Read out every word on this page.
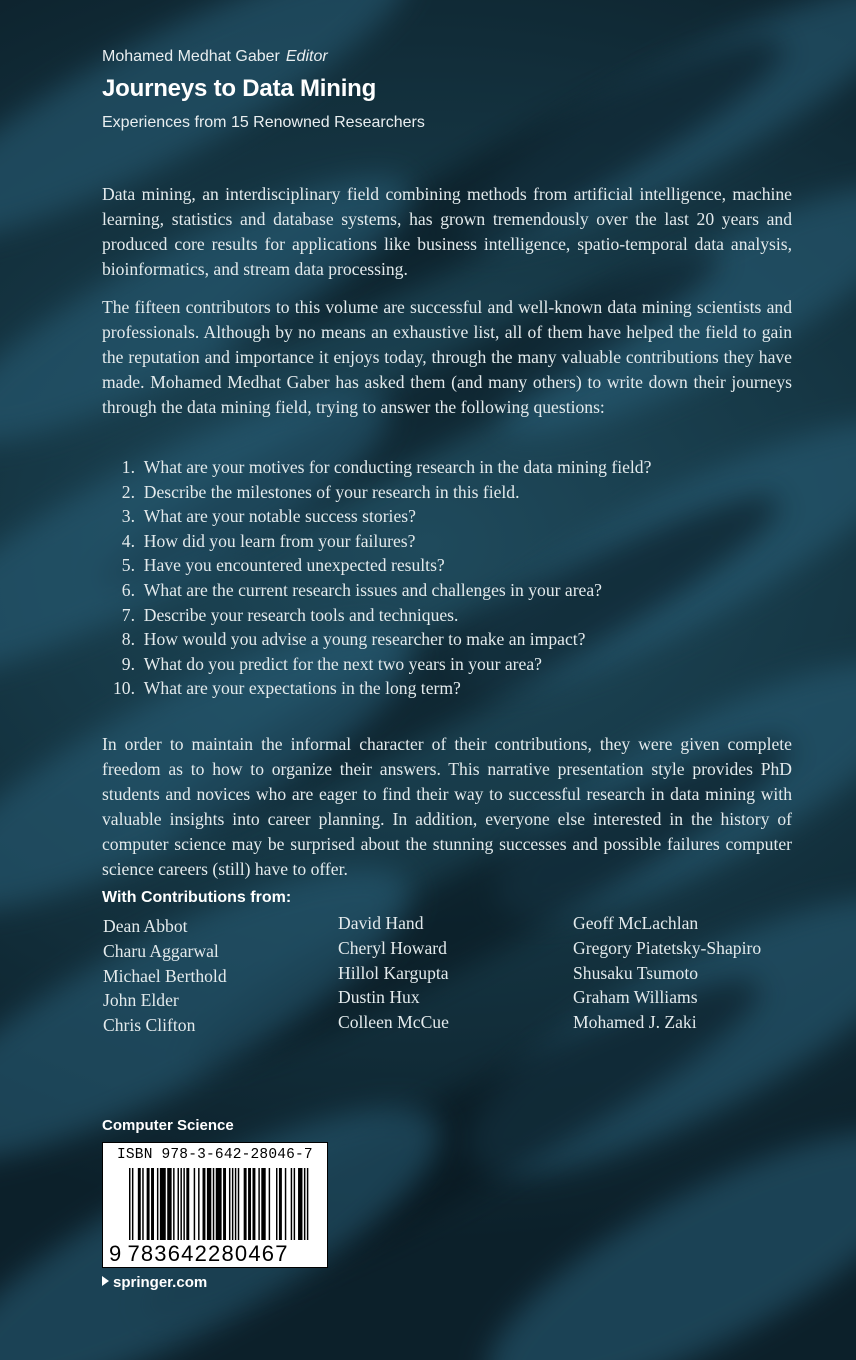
Mohamed Medhat Gaber Editor
Journeys to Data Mining
Experiences from 15 Renowned Researchers

Data mining, an interdisciplinary field combining methods from artificial intelligence, machine learning, statistics and database systems, has grown tremendously over the last 20 years and produced core results for applications like business intelligence, spatio-temporal data analysis, bioinformatics, and stream data processing.

The fifteen contributors to this volume are successful and well-known data mining scientists and professionals. Although by no means an exhaustive list, all of them have helped the field to gain the reputation and importance it enjoys today, through the many valuable contributions they have made. Mohamed Medhat Gaber has asked them (and many others) to write down their journeys through the data mining field, trying to answer the following questions:

1.
What are your motives for conducting research in the data mining field?
2.
Describe the milestones of your research in this field.
3.
What are your notable success stories?
4.
How did you learn from your failures?
5.
Have you encountered unexpected results?
6.
What are the current research issues and challenges in your area?
7.
Describe your research tools and techniques.
8.
How would you advise a young researcher to make an impact?
9.
What do you predict for the next two years in your area?
10.
What are your expectations in the long term?

In order to maintain the informal character of their contributions, they were given complete freedom as to how to organize their answers. This narrative presentation style provides PhD students and novices who are eager to find their way to successful research in data mining with valuable insights into career planning. In addition, everyone else interested in the history of computer science may be surprised about the stunning successes and possible failures computer science careers (still) have to offer.

With Contributions from:
Dean Abbot
Charu Aggarwal
Michael Berthold
John Elder
Chris Clifton
David Hand
Cheryl Howard
Hillol Kargupta
Dustin Hux
Colleen McCue
Geoff McLachlan
Gregory Piatetsky-Shapiro
Shusaku Tsumoto
Graham Williams
Mohamed J. Zaki
Computer Science
ISBN 978-3-642-28046-7
9 783642280467
springer.com
